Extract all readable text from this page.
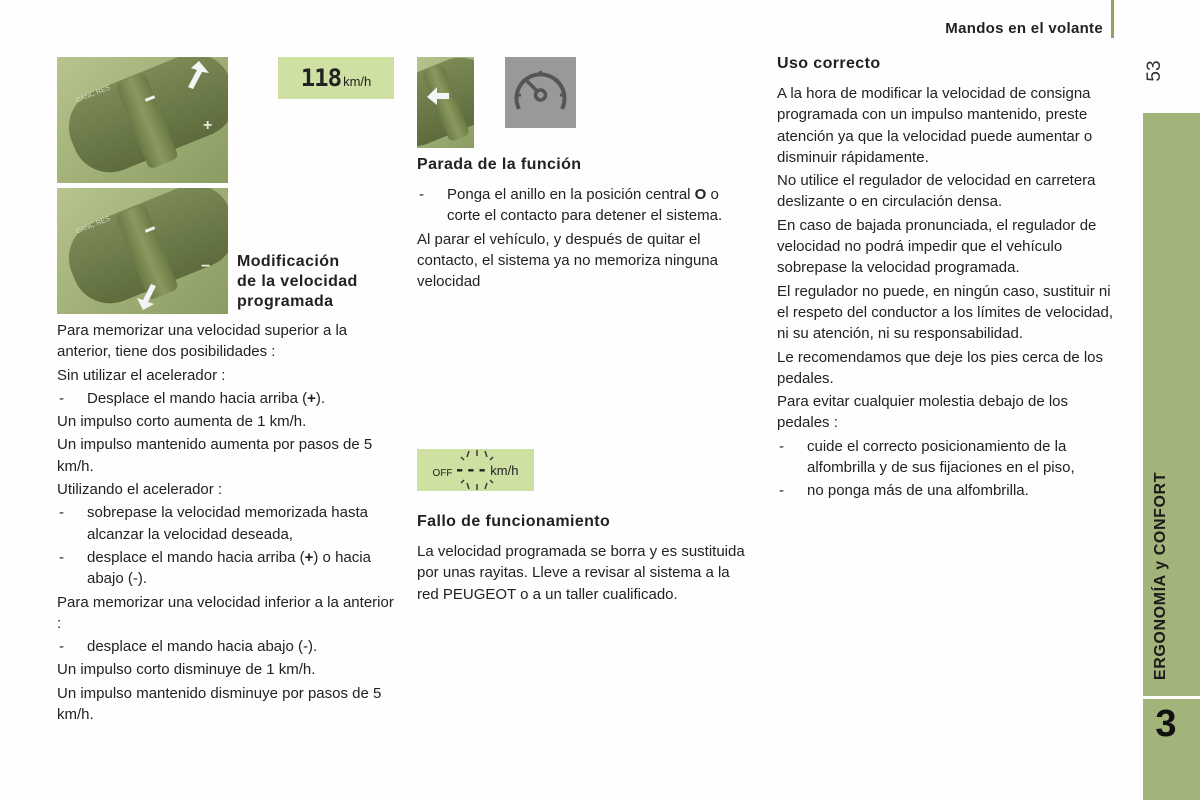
Mandos en el volante
53
ERGONOMÍA y CONFORT
3
+
CANC RES
−
CANC RES
118 km/h
Modificación
de la velocidad
programada

Para memorizar una velocidad superior a la anterior, tiene dos posibilidades :

Sin utilizar el acelerador :

- Desplace el mando hacia arriba (+).

Un impulso corto aumenta de 1 km/h.

Un impulso mantenido aumenta por pasos de 5 km/h.

Utilizando el acelerador :

- sobrepase la velocidad memorizada hasta alcanzar la velocidad deseada,
- desplace el mando hacia arriba (+) o hacia abajo (-).

Para memorizar una velocidad inferior a la anterior :

- desplace el mando hacia abajo (-).

Un impulso corto disminuye de 1 km/h.

Un impulso mantenido disminuye por pasos de 5 km/h.

Parada de la función
- Ponga el anillo en la posición central O o corte el contacto para detener el sistema.

Al parar el vehículo, y después de quitar el contacto, el sistema ya no memoriza ninguna velocidad

OFF --- km/h
Fallo de funcionamiento

La velocidad programada se borra y es sustituida por unas rayitas. Lleve a revisar al sistema a la red PEUGEOT o a un taller cualificado.

Uso correcto

A la hora de modificar la velocidad de consigna programada con un impulso mantenido, preste atención ya que la velocidad puede aumentar o disminuir rápidamente.

No utilice el regulador de velocidad en carretera deslizante o en circulación densa.

En caso de bajada pronunciada, el regulador de velocidad no podrá impedir que el vehículo sobrepase la velocidad programada.

El regulador no puede, en ningún caso, sustituir ni el respeto del conductor a los límites de velocidad, ni su atención, ni su responsabilidad.

Le recomendamos que deje los pies cerca de los pedales.

Para evitar cualquier molestia debajo de los pedales :

- cuide el correcto posicionamiento de la alfombrilla y de sus fijaciones en el piso,
- no ponga más de una alfombrilla.
